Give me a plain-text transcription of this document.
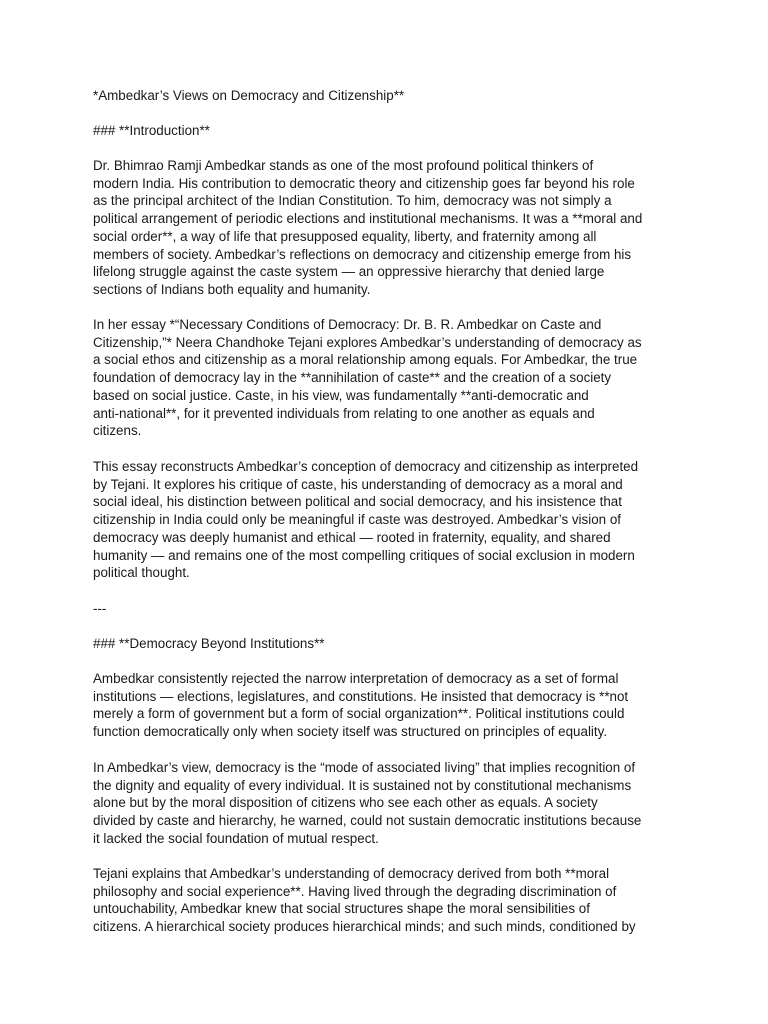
*Ambedkar’s Views on Democracy and Citizenship**

### **Introduction**

Dr. Bhimrao Ramji Ambedkar stands as one of the most profound political thinkers of
modern India. His contribution to democratic theory and citizenship goes far beyond his role
as the principal architect of the Indian Constitution. To him, democracy was not simply a
political arrangement of periodic elections and institutional mechanisms. It was a **moral and
social order**, a way of life that presupposed equality, liberty, and fraternity among all
members of society. Ambedkar’s reflections on democracy and citizenship emerge from his
lifelong struggle against the caste system — an oppressive hierarchy that denied large
sections of Indians both equality and humanity.

In her essay *“Necessary Conditions of Democracy: Dr. B. R. Ambedkar on Caste and
Citizenship,”* Neera Chandhoke Tejani explores Ambedkar’s understanding of democracy as
a social ethos and citizenship as a moral relationship among equals. For Ambedkar, the true
foundation of democracy lay in the **annihilation of caste** and the creation of a society
based on social justice. Caste, in his view, was fundamentally **anti-democratic and
anti-national**, for it prevented individuals from relating to one another as equals and
citizens.

This essay reconstructs Ambedkar’s conception of democracy and citizenship as interpreted
by Tejani. It explores his critique of caste, his understanding of democracy as a moral and
social ideal, his distinction between political and social democracy, and his insistence that
citizenship in India could only be meaningful if caste was destroyed. Ambedkar’s vision of
democracy was deeply humanist and ethical — rooted in fraternity, equality, and shared
humanity — and remains one of the most compelling critiques of social exclusion in modern
political thought.

---

### **Democracy Beyond Institutions**

Ambedkar consistently rejected the narrow interpretation of democracy as a set of formal
institutions — elections, legislatures, and constitutions. He insisted that democracy is **not
merely a form of government but a form of social organization**. Political institutions could
function democratically only when society itself was structured on principles of equality.

In Ambedkar’s view, democracy is the “mode of associated living” that implies recognition of
the dignity and equality of every individual. It is sustained not by constitutional mechanisms
alone but by the moral disposition of citizens who see each other as equals. A society
divided by caste and hierarchy, he warned, could not sustain democratic institutions because
it lacked the social foundation of mutual respect.

Tejani explains that Ambedkar’s understanding of democracy derived from both **moral
philosophy and social experience**. Having lived through the degrading discrimination of
untouchability, Ambedkar knew that social structures shape the moral sensibilities of
citizens. A hierarchical society produces hierarchical minds; and such minds, conditioned by
